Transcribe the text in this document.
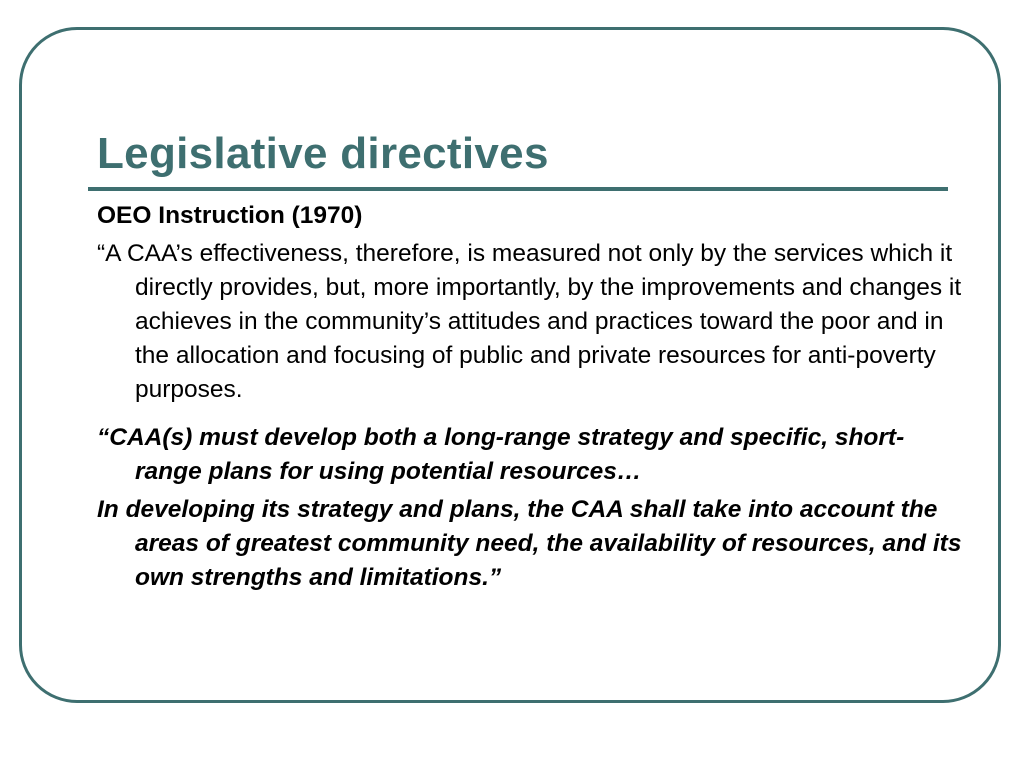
Legislative directives

OEO Instruction (1970)

“A CAA’s effectiveness, therefore, is measured not only by the services which it directly provides, but, more importantly, by the improvements and changes it achieves in the community’s attitudes and practices toward the poor and in the allocation and focusing of public and private resources for anti-poverty purposes.

“CAA(s) must develop both a long-range strategy and specific, short-range plans for using potential resources…

In developing its strategy and plans, the CAA shall take into account the areas of greatest community need, the availability of resources, and its own strengths and limitations.”
